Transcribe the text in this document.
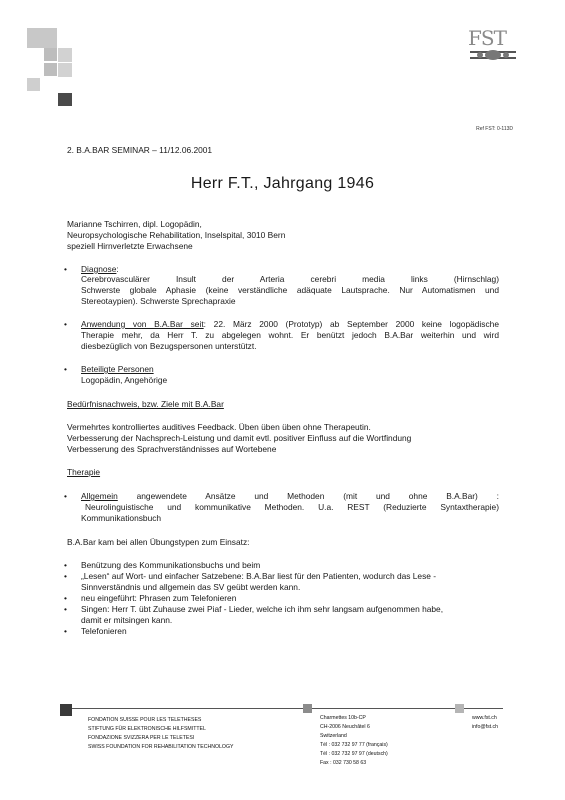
FST
Ref FST: 0-113D
2. B.A.BAR SEMINAR – 11/12.06.2001
Herr F.T., Jahrgang 1946
Marianne Tschirren, dipl. Logopädin,
Neuropsychologische Rehabilitation, Inselspital, 3010 Bern
speziell Hirnverletzte Erwachsene
• Diagnose:
Cerebrovasculärer Insult der Arteria cerebri media links (Hirnschlag)
Schwerste globale Aphasie (keine verständliche adäquate Lautsprache. Nur Automatismen und
Stereotaypien). Schwerste Sprechapraxie
• Anwendung von B.A.Bar seit: 22. März 2000 (Prototyp) ab September 2000 keine logopädische
Therapie mehr, da Herr T. zu abgelegen wohnt. Er benützt jedoch B.A.Bar weiterhin und wird
diesbezüglich von Bezugspersonen unterstützt.
• Beteiligte Personen
Logopädin, Angehörige
Bedürfnisnachweis, bzw. Ziele mit B.A.Bar
Vermehrtes kontrolliertes auditives Feedback. Üben üben üben ohne Therapeutin.
Verbesserung der Nachsprech-Leistung und damit evtl. positiver Einfluss auf die Wortfindung
Verbesserung des Sprachverständnisses auf Wortebene
Therapie
• Allgemein angewendete Ansätze und Methoden (mit und ohne B.A.Bar) :
Neurolinguistische und kommunikative Methoden. U.a. REST (Reduzierte Syntaxtherapie)
Kommunikationsbuch
B.A.Bar kam bei allen Übungstypen zum Einsatz:
• Benützung des Kommunikationsbuchs und beim
• „Lesen“ auf Wort- und einfacher Satzebene: B.A.Bar liest für den Patienten, wodurch das Lese -
Sinnverständnis und allgemein das SV geübt werden kann.
• neu eingeführt: Phrasen zum Telefonieren
• Singen: Herr T. übt Zuhause zwei Piaf - Lieder, welche ich ihm sehr langsam aufgenommen habe,
damit er mitsingen kann.
• Telefonieren
FONDATION SUISSE POUR LES TELETHESES
STIFTUNG FÜR ELEKTRONISCHE HILFSMITTEL
FONDAZIONE SVIZZERA PER LE TELETESI
SWISS FOUNDATION FOR REHABILITATION TECHNOLOGY
Charmettes 10b-CP
CH-2006 Neuchâtel 6
Switzerland
Tél : 032 732 97 77 (français)
Tél : 032 732 97 97 (deutsch)
Fax : 032 730 58 63
www.fst.ch
info@fst.ch
